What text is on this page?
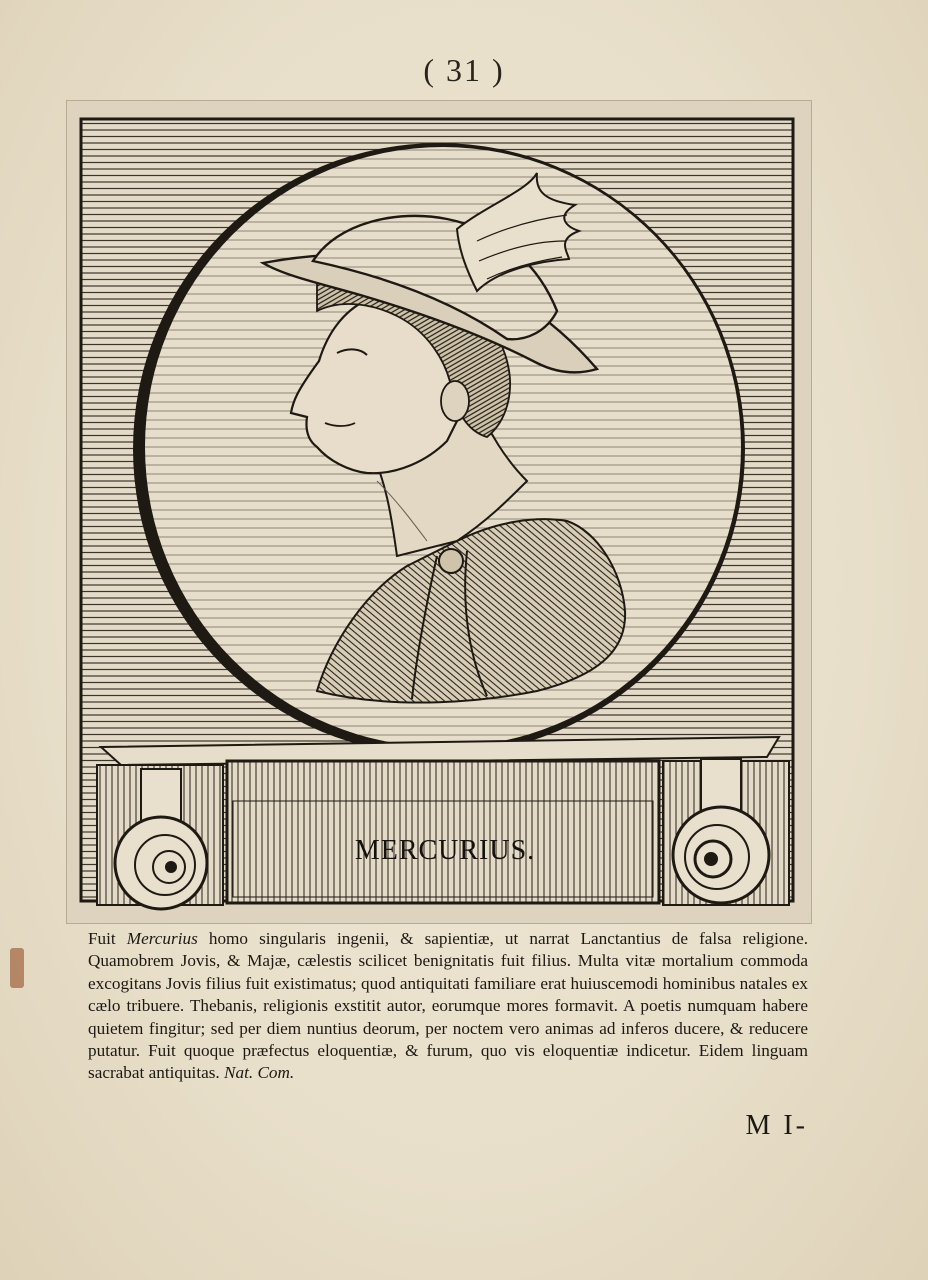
( 31 )
MERCURIUS.

Fuit Mercurius homo singularis ingenii, & sapientiæ, ut narrat Lanctantius de falsa religione. Quamobrem Jovis, & Majæ, cælestis scilicet benignitatis fuit filius. Multa vitæ mortalium commoda excogitans Jovis filius fuit existimatus; quod antiquitati familiare erat huiuscemodi hominibus natales ex cælo tribuere. Thebanis, religionis exstitit autor, eorumque mores formavit. A poetis numquam habere quietem fingitur; sed per diem nuntius deorum, per noctem vero animas ad inferos ducere, & reducere putatur. Fuit quoque præfectus eloquentiæ, & furum, quo vis eloquentiæ indicetur. Eidem linguam sacrabat antiquitas. Nat. Com.

M I-
